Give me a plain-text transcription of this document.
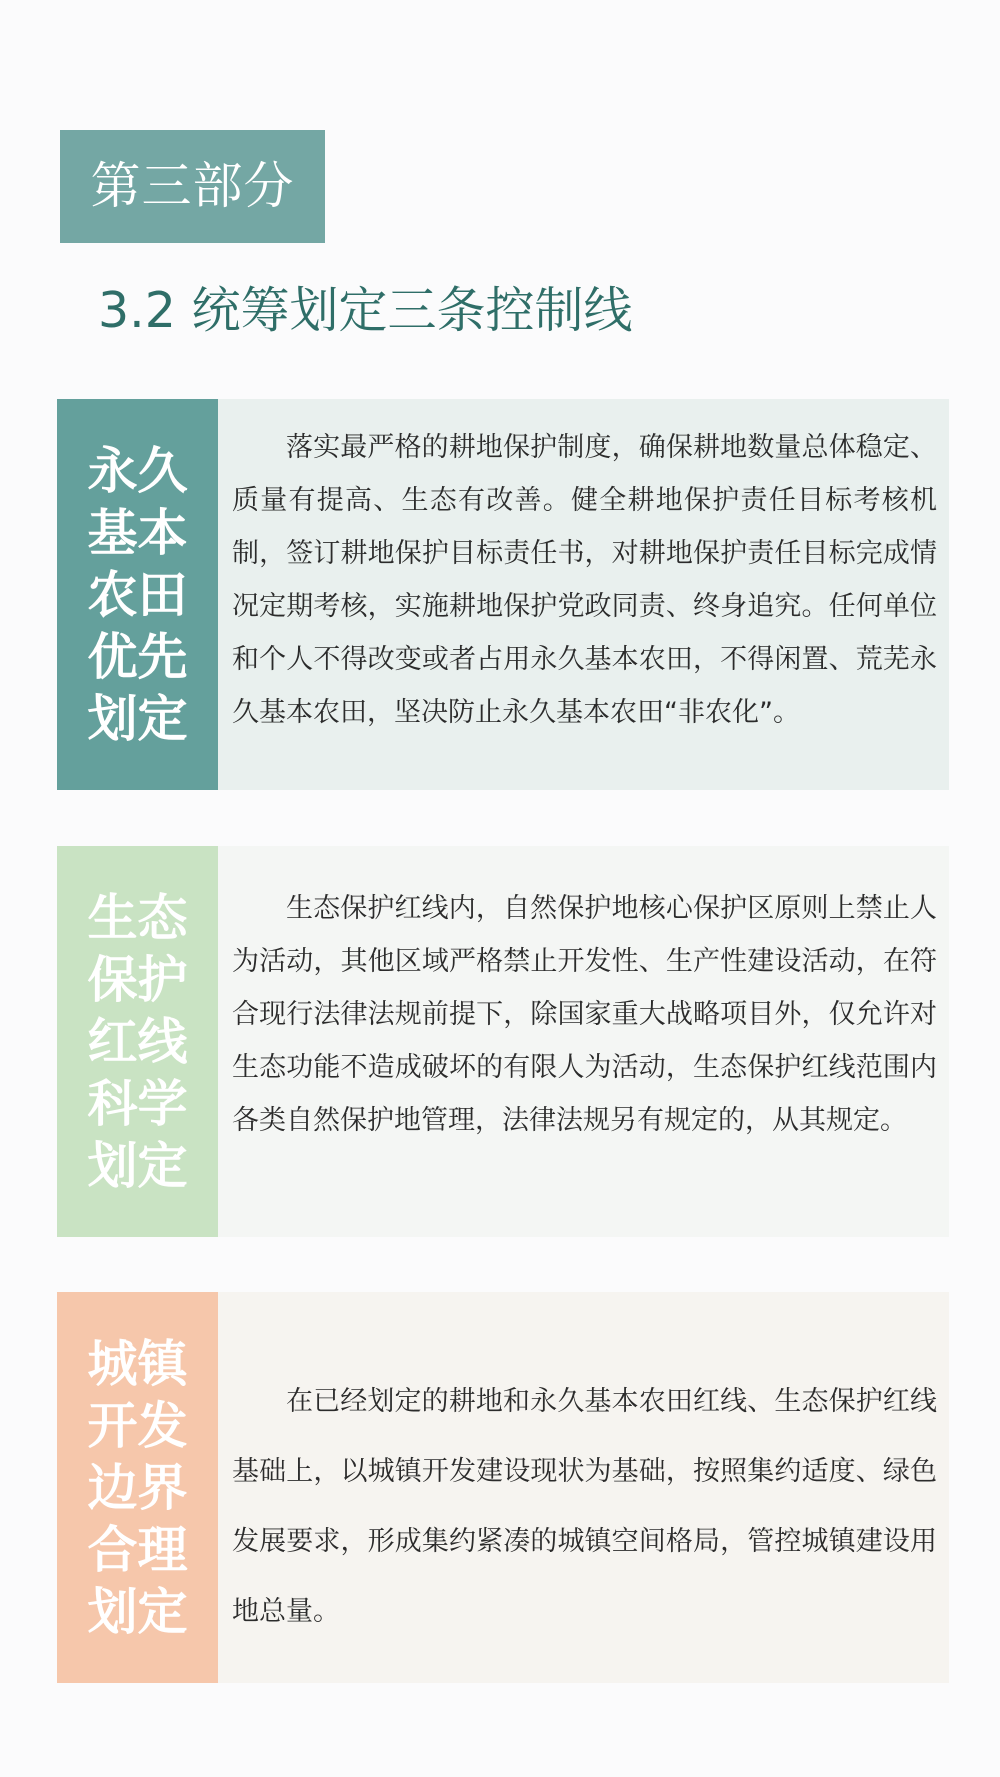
第三部分
3.2 统筹划定三条控制线
永久基本农田优先划定
落实最严格的耕地保护制度，确保耕地数量总体稳定、质量有提高、生态有改善。健全耕地保护责任目标考核机制，签订耕地保护目标责任书，对耕地保护责任目标完成情况定期考核，实施耕地保护党政同责、终身追究。任何单位和个人不得改变或者占用永久基本农田，不得闲置、荒芜永久基本农田，坚决防止永久基本农田“非农化”。
生态保护红线科学划定
生态保护红线内，自然保护地核心保护区原则上禁止人为活动，其他区域严格禁止开发性、生产性建设活动，在符合现行法律法规前提下，除国家重大战略项目外，仅允许对生态功能不造成破坏的有限人为活动，生态保护红线范围内各类自然保护地管理，法律法规另有规定的，从其规定。
城镇开发边界合理划定
在已经划定的耕地和永久基本农田红线、生态保护红线基础上，以城镇开发建设现状为基础，按照集约适度、绿色发展要求，形成集约紧凑的城镇空间格局，管控城镇建设用地总量。
